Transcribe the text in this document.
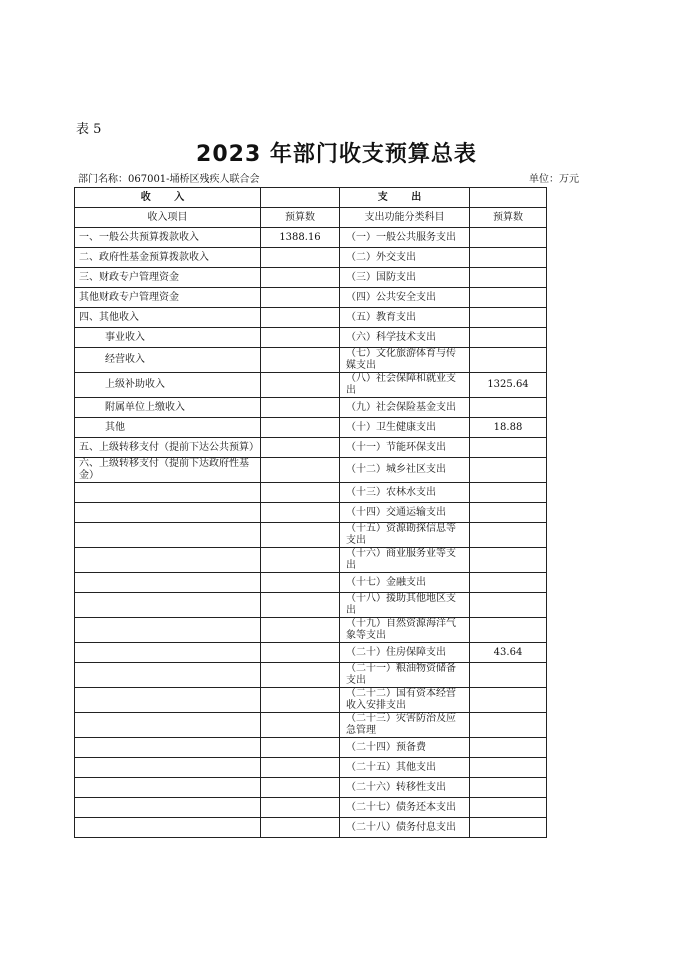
表 5
2023 年部门收支预算总表
部门名称：067001-埇桥区残疾人联合会	单位：万元
收 入		支 出	
收入项目	预算数	支出功能分类科目	预算数
一、一般公共预算拨款收入	1388.16	（一）一般公共服务支出	
二、政府性基金预算拨款收入		（二）外交支出	
三、财政专户管理资金		（三）国防支出	
其他财政专户管理资金		（四）公共安全支出	
四、其他收入		（五）教育支出	
事业收入		（六）科学技术支出	
经营收入		（七）文化旅游体育与传媒支出	
上级补助收入		（八）社会保障和就业支出	1325.64
附属单位上缴收入		（九）社会保险基金支出	
其他		（十）卫生健康支出	18.88
五、上级转移支付（提前下达公共预算）		（十一）节能环保支出	
六、上级转移支付（提前下达政府性基金）		（十二）城乡社区支出	
		（十三）农林水支出	
		（十四）交通运输支出	
		（十五）资源勘探信息等支出	
		（十六）商业服务业等支出	
		（十七）金融支出	
		（十八）援助其他地区支出	
		（十九）自然资源海洋气象等支出	
		（二十）住房保障支出	43.64
		（二十一）粮油物资储备支出	
		（二十二）国有资本经营收入安排支出	
		（二十三）灾害防治及应急管理	
		（二十四）预备费	
		（二十五）其他支出	
		（二十六）转移性支出	
		（二十七）债务还本支出	
		（二十八）债务付息支出	
